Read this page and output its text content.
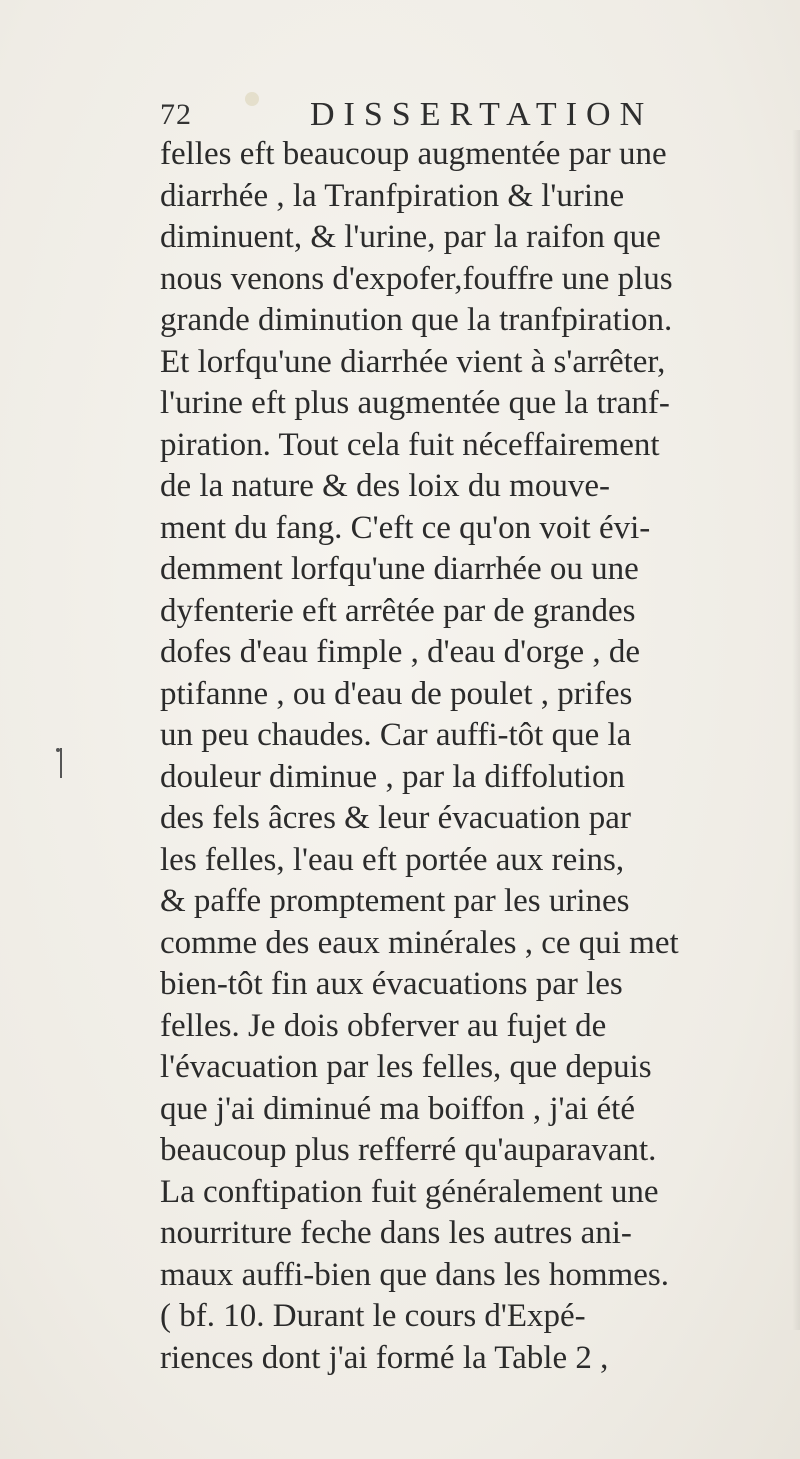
72	DISSERTATION
felles eft beaucoup augmentée par une
diarrhée , la Tranfpiration & l'urine
diminuent, & l'urine, par la raifon que
nous venons d'expofer,fouffre une plus
grande diminution que la tranfpiration.
Et lorfqu'une diarrhée vient à s'arrêter,
l'urine eft plus augmentée que la tranf-
piration. Tout cela fuit néceffairement
de la nature & des loix du mouve-
ment du fang. C'eft ce qu'on voit évi-
demment lorfqu'une diarrhée ou une
dyfenterie eft arrêtée par de grandes
dofes d'eau fimple , d'eau d'orge , de
ptifanne , ou d'eau de poulet , prifes
un peu chaudes. Car auffi-tôt que la
douleur diminue , par la diffolution
des fels âcres & leur évacuation par
les felles, l'eau eft portée aux reins,
& paffe promptement par les urines
comme des eaux minérales , ce qui met
bien-tôt fin aux évacuations par les
felles. Je dois obferver au fujet de
l'évacuation par les felles, que depuis
que j'ai diminué ma boiffon , j'ai été
beaucoup plus refferré qu'auparavant.
La conftipation fuit généralement une
nourriture feche dans les autres ani-
maux auffi-bien que dans les hommes.
( bf. 10. Durant le cours d'Expé-
riences dont j'ai formé la Table 2 ,
